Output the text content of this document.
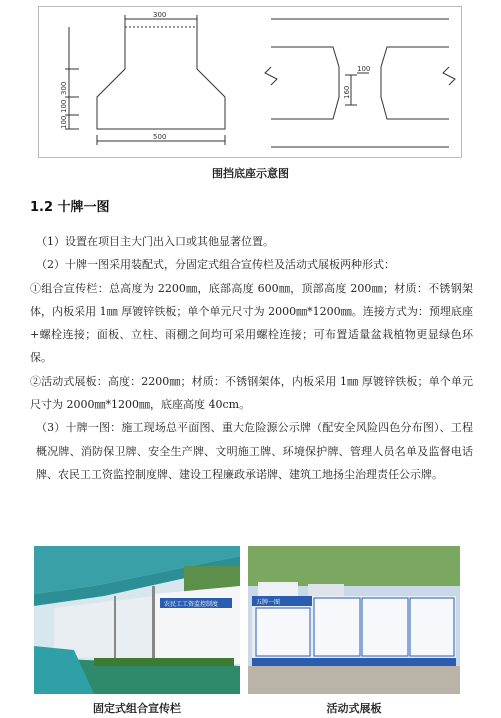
300
500
300
100
100
160
100
围挡底座示意图
1.2 十牌一图

（1）设置在项目主大门出入口或其他显著位置。

（2）十牌一图采用装配式，分固定式组合宣传栏及活动式展板两种形式：

①组合宣传栏：总高度为 2200㎜，底部高度 600㎜，顶部高度 200㎜；材质：不锈钢架体，内板采用 1㎜ 厚镀锌铁板；单个单元尺寸为 2000㎜*1200㎜。连接方式为：预埋底座+螺栓连接；面板、立柱、雨棚之间均可采用螺栓连接；可布置适量盆栽植物更显绿色环保。

②活动式展板：高度：2200㎜；材质：不锈钢架体，内板采用 1㎜ 厚镀锌铁板；单个单元尺寸为 2000㎜*1200㎜，底座高度 40cm。

（3）十牌一图：施工现场总平面图、重大危险源公示牌（配安全风险四色分布图）、工程概况牌、消防保卫牌、安全生产牌、文明施工牌、环境保护牌、管理人员名单及监督电话牌、农民工工资监控制度牌、建设工程廉政承诺牌、建筑工地扬尘治理责任公示牌。

农民工工资监控制度	五牌一图
固定式组合宣传栏	活动式展板
